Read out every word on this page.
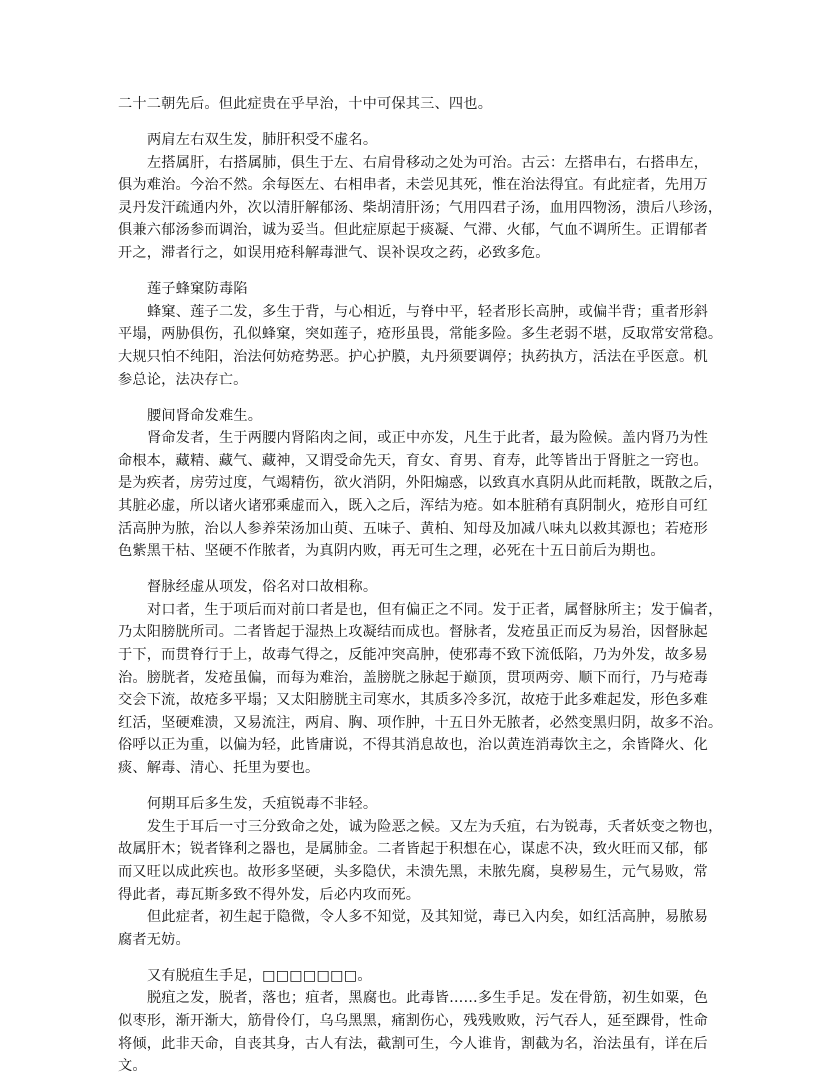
二十二朝先后。但此症贵在乎早治，十中可保其三、四也。
两肩左右双生发，肺肝积受不虚名。
左搭属肝，右搭属肺，俱生于左、右肩骨移动之处为可治。古云：左搭串右，右搭串左，
俱为难治。今治不然。余每医左、右相串者，未尝见其死，惟在治法得宜。有此症者，先用万
灵丹发汗疏通内外，次以清肝解郁汤、柴胡清肝汤；气用四君子汤，血用四物汤，溃后八珍汤，
俱兼六郁汤参而调治，诚为妥当。但此症原起于痰凝、气滞、火郁，气血不调所生。正谓郁者
开之，滞者行之，如误用疮科解毒泄气、误补误攻之药，必致多危。
莲子蜂窠防毒陷
蜂窠、莲子二发，多生于背，与心相近，与脊中平，轻者形长高肿，或偏半背；重者形斜
平塌，两胁俱伤，孔似蜂窠，突如莲子，疮形虽畏，常能多险。多生老弱不堪，反取常安常稳。
大规只怕不纯阳，治法何妨疮势恶。护心护膜，丸丹须要调停；执药执方，活法在乎医意。机
参总论，法决存亡。
腰间肾命发难生。
肾命发者，生于两腰内肾陷肉之间，或正中亦发，凡生于此者，最为险候。盖内肾乃为性
命根本，藏精、藏气、藏神，又谓受命先天，育女、育男、育寿，此等皆出于肾脏之一窍也。
是为疾者，房劳过度，气竭精伤，欲火消阴，外阳煽惑，以致真水真阴从此而耗散，既散之后，
其脏必虚，所以诸火诸邪乘虚而入，既入之后，浑结为疮。如本脏稍有真阴制火，疮形自可红
活高肿为脓，治以人参养荣汤加山萸、五味子、黄柏、知母及加减八味丸以救其源也；若疮形
色紫黑干枯、坚硬不作脓者，为真阴内败，再无可生之理，必死在十五日前后为期也。
督脉经虚从项发，俗名对口故相称。
对口者，生于项后而对前口者是也，但有偏正之不同。发于正者，属督脉所主；发于偏者，
乃太阳膀胱所司。二者皆起于湿热上攻凝结而成也。督脉者，发疮虽正而反为易治，因督脉起
于下，而贯脊行于上，故毒气得之，反能冲突高肿，使邪毒不致下流低陷，乃为外发，故多易
治。膀胱者，发疮虽偏，而每为难治，盖膀胱之脉起于巅顶，贯项两旁、顺下而行，乃与疮毒
交会下流，故疮多平塌；又太阳膀胱主司寒水，其质多冷多沉，故疮于此多难起发，形色多难
红活，坚硬难溃，又易流注，两肩、胸、项作肿，十五日外无脓者，必然变黑归阴，故多不治。
俗呼以正为重，以偏为轻，此皆庸说，不得其消息故也，治以黄连消毒饮主之，余皆降火、化
痰、解毒、清心、托里为要也。
何期耳后多生发，夭疽锐毒不非轻。
发生于耳后一寸三分致命之处，诚为险恶之候。又左为夭疽，右为锐毒，夭者妖变之物也，
故属肝木；锐者锋利之器也，是属肺金。二者皆起于积想在心，谋虑不决，致火旺而又郁，郁
而又旺以成此疾也。故形多坚硬，头多隐伏，未溃先黑，未脓先腐，臭秽易生，元气易败，常
得此者，毒瓦斯多致不得外发，后必内攻而死。
但此症者，初生起于隐微，令人多不知觉，及其知觉，毒已入内矣，如红活高肿，易脓易
腐者无妨。
又有脱疽生手足，□□□□□□□。
脱疽之发，脱者，落也；疽者，黑腐也。此毒皆……多生手足。发在骨筋，初生如粟，色
似枣形，渐开渐大，筋骨伶仃，乌乌黑黑，痛割伤心，残残败败，污气吞人，延至踝骨，性命
将倾，此非天命，自丧其身，古人有法，截割可生，今人谁肯，割截为名，治法虽有，详在后
文。
